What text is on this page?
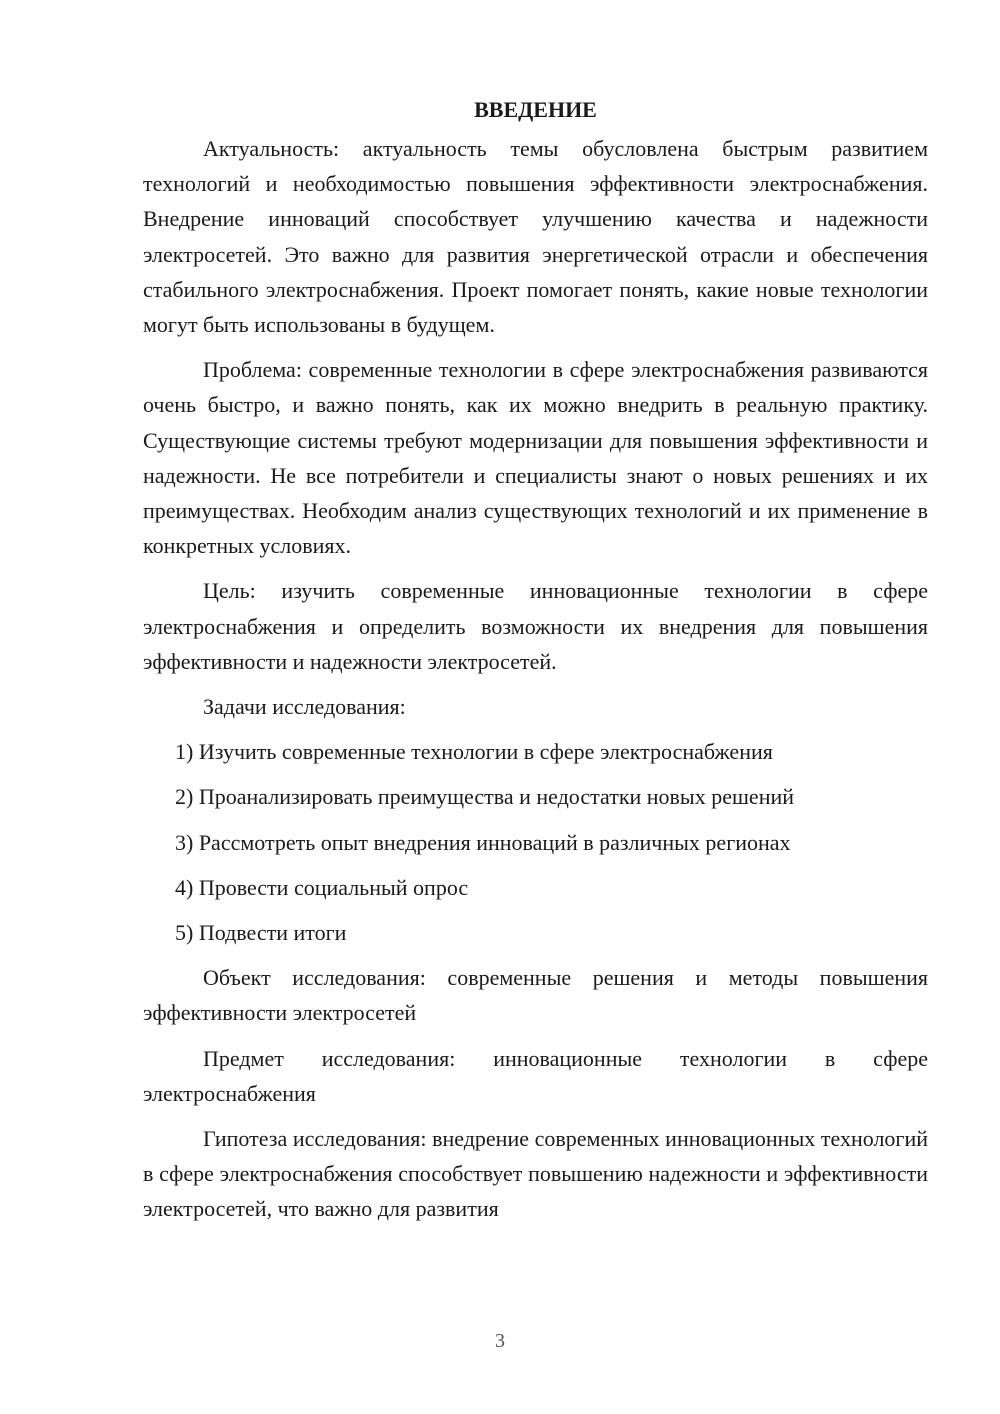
ВВЕДЕНИЕ

Актуальность: актуальность темы обусловлена быстрым развитием технологий и необходимостью повышения эффективности электроснабжения. Внедрение инноваций способствует улучшению качества и надежности электросетей. Это важно для развития энергетической отрасли и обеспечения стабильного электроснабжения. Проект помогает понять, какие новые технологии могут быть использованы в будущем.

Проблема: современные технологии в сфере электроснабжения развиваются очень быстро, и важно понять, как их можно внедрить в реальную практику. Существующие системы требуют модернизации для повышения эффективности и надежности. Не все потребители и специалисты знают о новых решениях и их преимуществах. Необходим анализ существующих технологий и их применение в конкретных условиях.

Цель: изучить современные инновационные технологии в сфере электроснабжения и определить возможности их внедрения для повышения эффективности и надежности электросетей.

Задачи исследования:

1) Изучить современные технологии в сфере электроснабжения
2) Проанализировать преимущества и недостатки новых решений
3) Рассмотреть опыт внедрения инноваций в различных регионах
4) Провести социальный опрос
5) Подвести итоги

Объект исследования: современные решения и методы повышения эффективности электросетей

Предмет исследования: инновационные технологии в сфере электроснабжения

Гипотеза исследования: внедрение современных инновационных технологий в сфере электроснабжения способствует повышению надежности и эффективности электросетей, что важно для развития

3
